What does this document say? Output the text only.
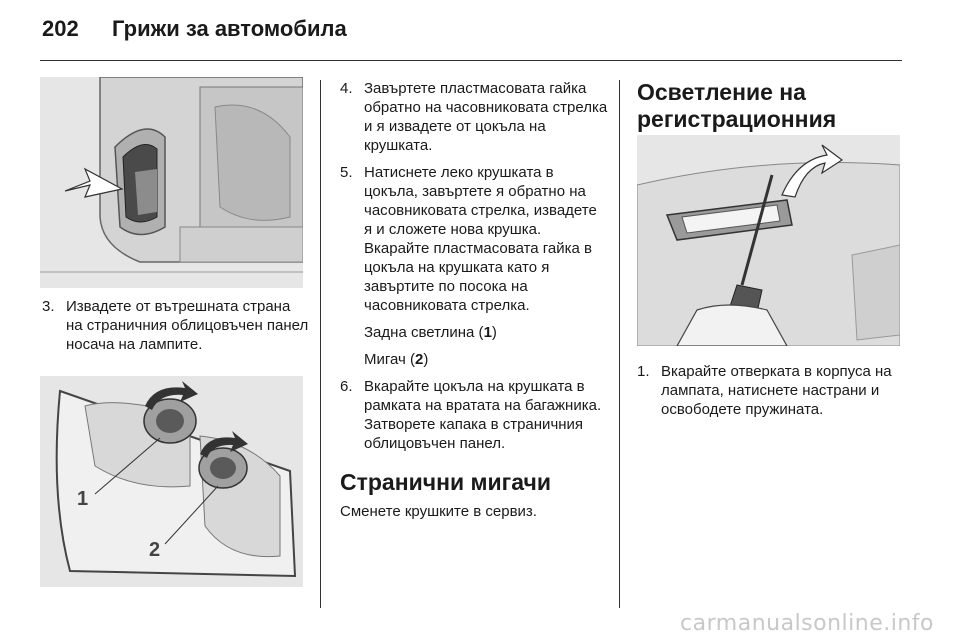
202 Грижи за автомобила
3. Извадете от вътрешната страна на страничния облицовъчен панел носача на лампите.
1
2
4. Завъртете пластмасовата гайка обратно на часовниковата стрелка и я извадете от цокъла на крушката.
5. Натиснете леко крушката в цокъла, завъртете я обратно на часовниковата стрелка, извадете я и сложете нова крушка. Вкарайте пластмасовата гайка в цокъла на крушката като я завъртите по посока на часовниковата стрелка.
Задна светлина (1)
Мигач (2)
6. Вкарайте цокъла на крушката в рамката на вратата на багажника. Затворете капака в страничния облицовъчен панел.
Странични мигачи
Сменете крушките в сервиз.
Осветление на регистрационния
1. Вкарайте отверката в корпуса на лампата, натиснете настрани и освободете пружината.
carmanualsonline.info
